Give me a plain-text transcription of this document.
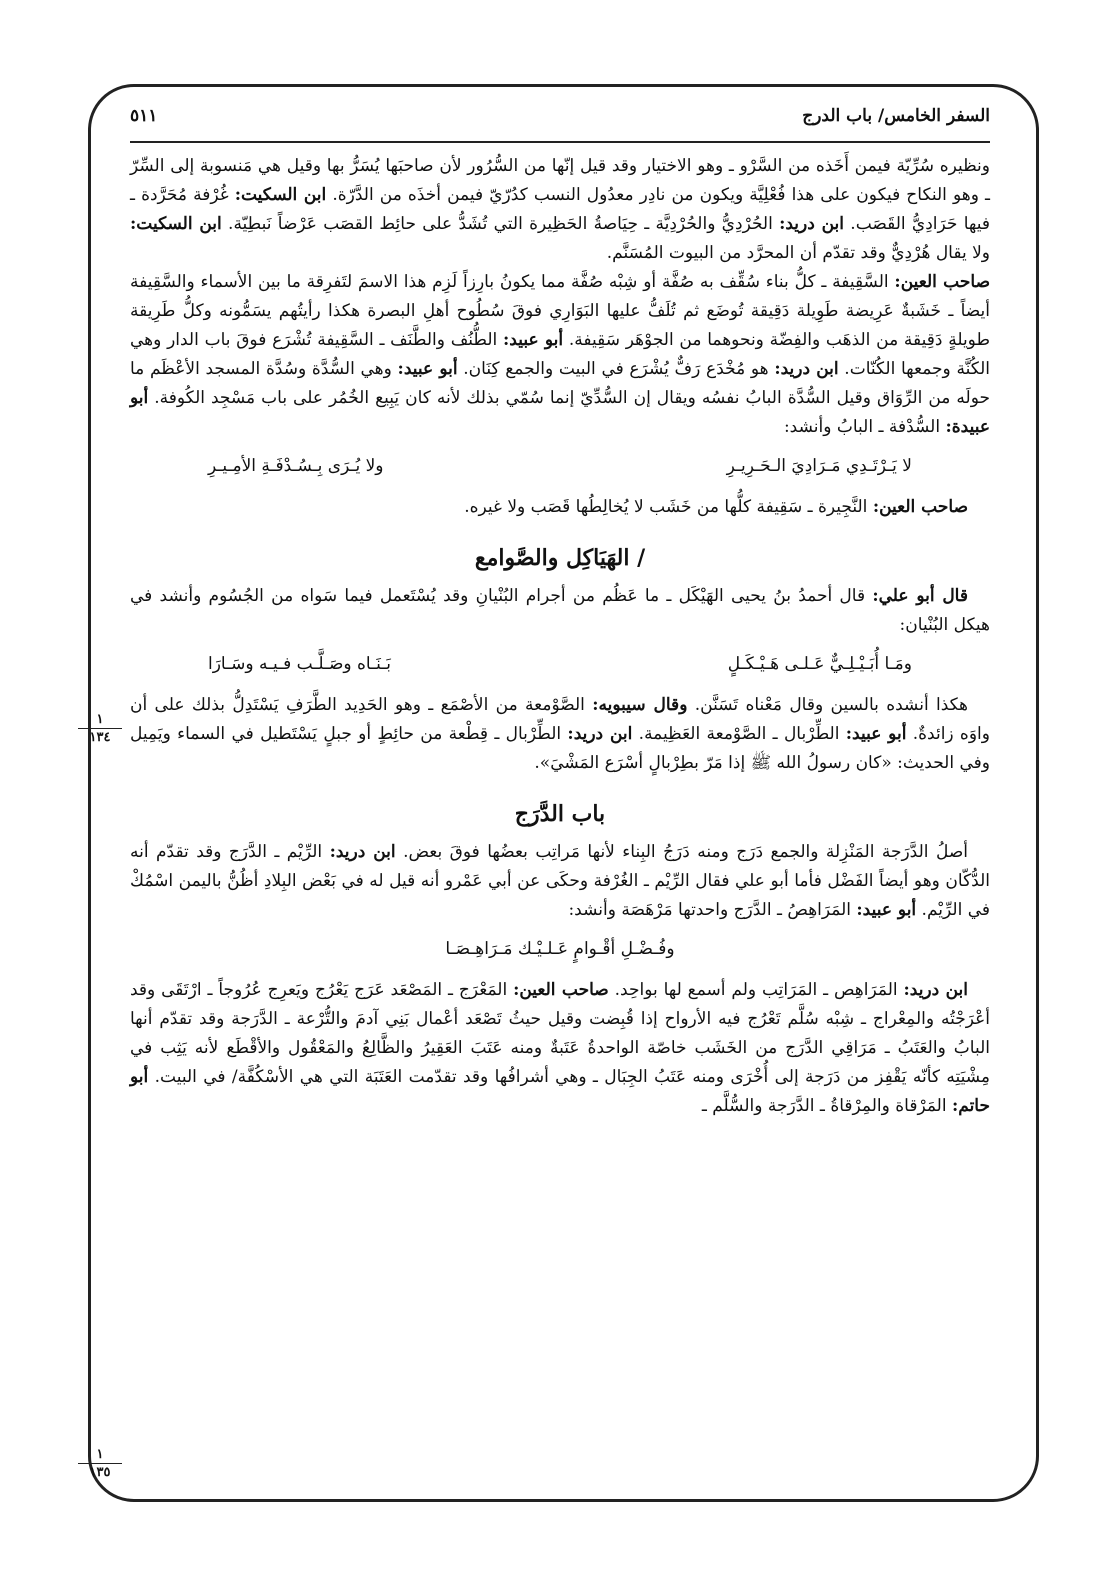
السفر الخامس/ باب الدرج
٥١١
١
١٣٤
١
١٣٥

ونظيره سُرِّيّة فيمن أَخَذه من السَّرْو ـ وهو الاختيار وقد قيل إنّها من السُّرُور لأن صاحبَها يُسَرُّ بها وقيل هي مَنسوبة إلى السِّرّ ـ وهو النكاح فيكون على هذا فُعْلِيَّة ويكون من نادِر معدُول النسب كدُرّيّ فيمن أخذَه من الدَّرّة. ابن السكيت: غُرْفة مُحَرَّدة ـ فيها حَرَادِيُّ القَصَب. ابن دريد: الحُرْدِيُّ والحُرْدِيَّة ـ حِيَاصةُ الحَظِيرة التي تُشَدُّ على حائِط القصَب عَرْضاً نَبطِيّة. ابن السكيت: ولا يقال هُرْدِيٌّ وقد تقدّم أن المحرَّد من البيوت المُسَنَّم.

صاحب العين: السَّقِيفة ـ كلُّ بناء سُقِّف به صُفَّة أو شِبْه صُفَّة مما يكونُ بارِزاً لَزِم هذا الاسمَ لتَفرِقة ما بين الأسماء والسَّقِيفة أيضاً ـ خَشَبةٌ عَرِيضة طَوِيلة دَقِيقة تُوضَع ثم تُلَفُّ عليها البَوَارِي فوقَ سُطُوح أهلِ البصرة هكذا رأيتُهم يسَمُّونه وكلُّ طَرِيقة طويلةٍ دَقِيقة من الذهَب والفِضّة ونحوهما من الجوْهَر سَقِيفة. أبو عبيد: الطُّنُف والطَّنَف ـ السَّقِيفة تُشْرَع فوقَ باب الدار وهي الكُنَّة وجمعها الكُنّات. ابن دريد: هو مُخْدَع رَفٌّ يُشْرَع في البيت والجمع كِنَان. أبو عبيد: وهي السُّدَّة وسُدَّة المسجد الأعْظَم ما حولَه من الرِّوَاق وقيل السُّدَّة البابُ نفسُه ويقال إن السُّدِّيّ إنما سُمّي بذلك لأنه كان يَبِيع الخُمُر على باب مَسْجِد الكُوفة. أبو عبيدة: السُّدْفة ـ البابُ وأنشد:

لا يَـرْتَـدِي مَـرَادِيَ الـحَـرِيـرِ
ولا يُـرَى بِـسُـدْفَـةِ الأمِـيـرِ

صاحب العين: النَّجِيرة ـ سَقِيفة كلُّها من خَشَب لا يُخالِطُها قَصَب ولا غيره.

/ الهَيَاكِل والصَّوامع

قال أبو علي: قال أحمدُ بنُ يحيى الهَيْكَل ـ ما عَظُم من أجرام البُنْيانِ وقد يُسْتَعمل فيما سَواه من الجُسُوم وأنشد في هيكل البُنْيان:

ومَـا أُبَـيْـلِـيٌّ عَـلـى هَـيْـكَـلٍ
بَـنَـاه وصَـلَّـب فـيـه وسَـارَا

هكذا أنشده بالسين وقال مَعْناه تَسَنَّن. وقال سيبويه: الصَّوْمعة من الأصْمَع ـ وهو الحَدِيد الطَّرَفِ يَسْتَدِلُّ بذلك على أن واوَه زائدةٌ. أبو عبيد: الطِّرْبال ـ الصَّوْمعة العَظِيمة. ابن دريد: الطِّرْبال ـ قِطْعة من حائِطٍ أو جبلٍ يَسْتَطيل في السماء ويَمِيل وفي الحديث: «كان رسولُ الله ﷺ إذا مَرّ بطِرْبالٍ أسْرَع المَشْيَ».

باب الدَّرَج

أصلُ الدَّرَجة المَنْزِلة والجمع دَرَج ومنه دَرَجُ البِناء لأنها مَراتِب بعضُها فوقَ بعض. ابن دريد: الرِّيْم ـ الدَّرَج وقد تقدّم أنه الدُّكّان وهو أيضاً الفَضْل فأما أبو علي فقال الرِّيْم ـ الغُرْفة وحكَى عن أبي عَمْرو أنه قيل له في بَعْض البِلادِ أظُنُّ باليمن اسْمُكْ في الرِّيْم. أبو عبيد: المَرَاهِصُ ـ الدَّرَج واحدتها مَرْهَصَة وأنشد:

وفُـضْـلِ أقْـوامٍ عَـلـيْـك مَـرَاهِـصَـا

ابن دريد: المَرَاهِص ـ المَرَاتِب ولم أسمع لها بواحِد. صاحب العين: المَعْرَج ـ المَصْعَد عَرَج يَعْرُج ويَعرِج عُرُوجاً ـ ارْتَقَى وقد أعْرَجْتُه والمِعْراج ـ شِبْه سُلَّم تَعْرُج فيه الأرواح إذا قُبِضت وقيل حيثُ تَصْعَد أعْمال بَنِي آدمَ والتُّرْعة ـ الدَّرَجة وقد تقدّم أنها البابُ والعَتَبُ ـ مَرَاقِي الدَّرَج من الخَشَب خاصّة الواحدةُ عَتَبةٌ ومنه عَتَبَ العَقِيرُ والظَّالِعُ والمَعْقُول والأقْطَع لأنه يَثِب في مِشْيَتِه كأنّه يَقْفِز من دَرَجة إلى أُخْرَى ومنه عَتَبُ الجِبَال ـ وهي أشرافُها وقد تقدّمت العَتَبَة التي هي الأسْكُفَّة/ في البيت. أبو حاتم: المَرْقاة والمِرْقاةُ ـ الدَّرَجة والسُّلَّم ـ
